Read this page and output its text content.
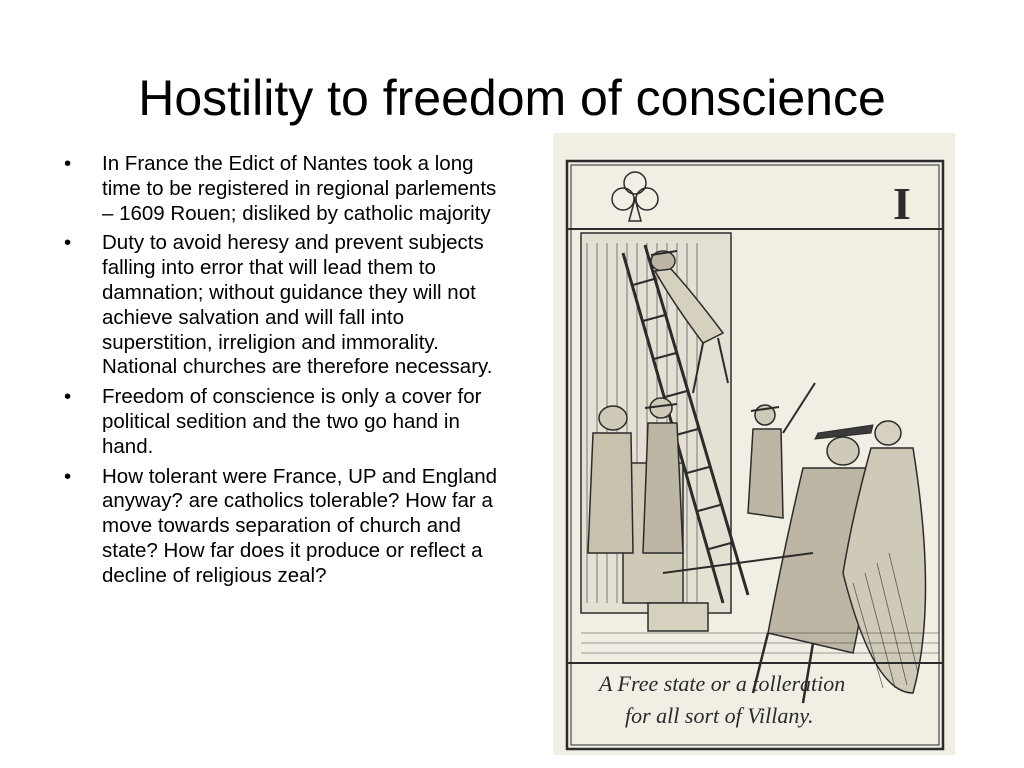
Hostility to freedom of conscience
• In France the Edict of Nantes took a long time to be registered in regional parlements – 1609 Rouen; disliked by catholic majority
• Duty to avoid heresy and prevent subjects falling into error that will lead them to damnation; without guidance they will not achieve salvation and will fall into superstition, irreligion and immorality. National churches are therefore necessary.
• Freedom of conscience is only a cover for political sedition and the two go hand in hand.
• How tolerant were France, UP and England anyway? are catholics tolerable? How far a move towards separation of church and state? How far does it produce or reflect a decline of religious zeal?
I
A Free state or a tolleration
for all sort of Villany.
